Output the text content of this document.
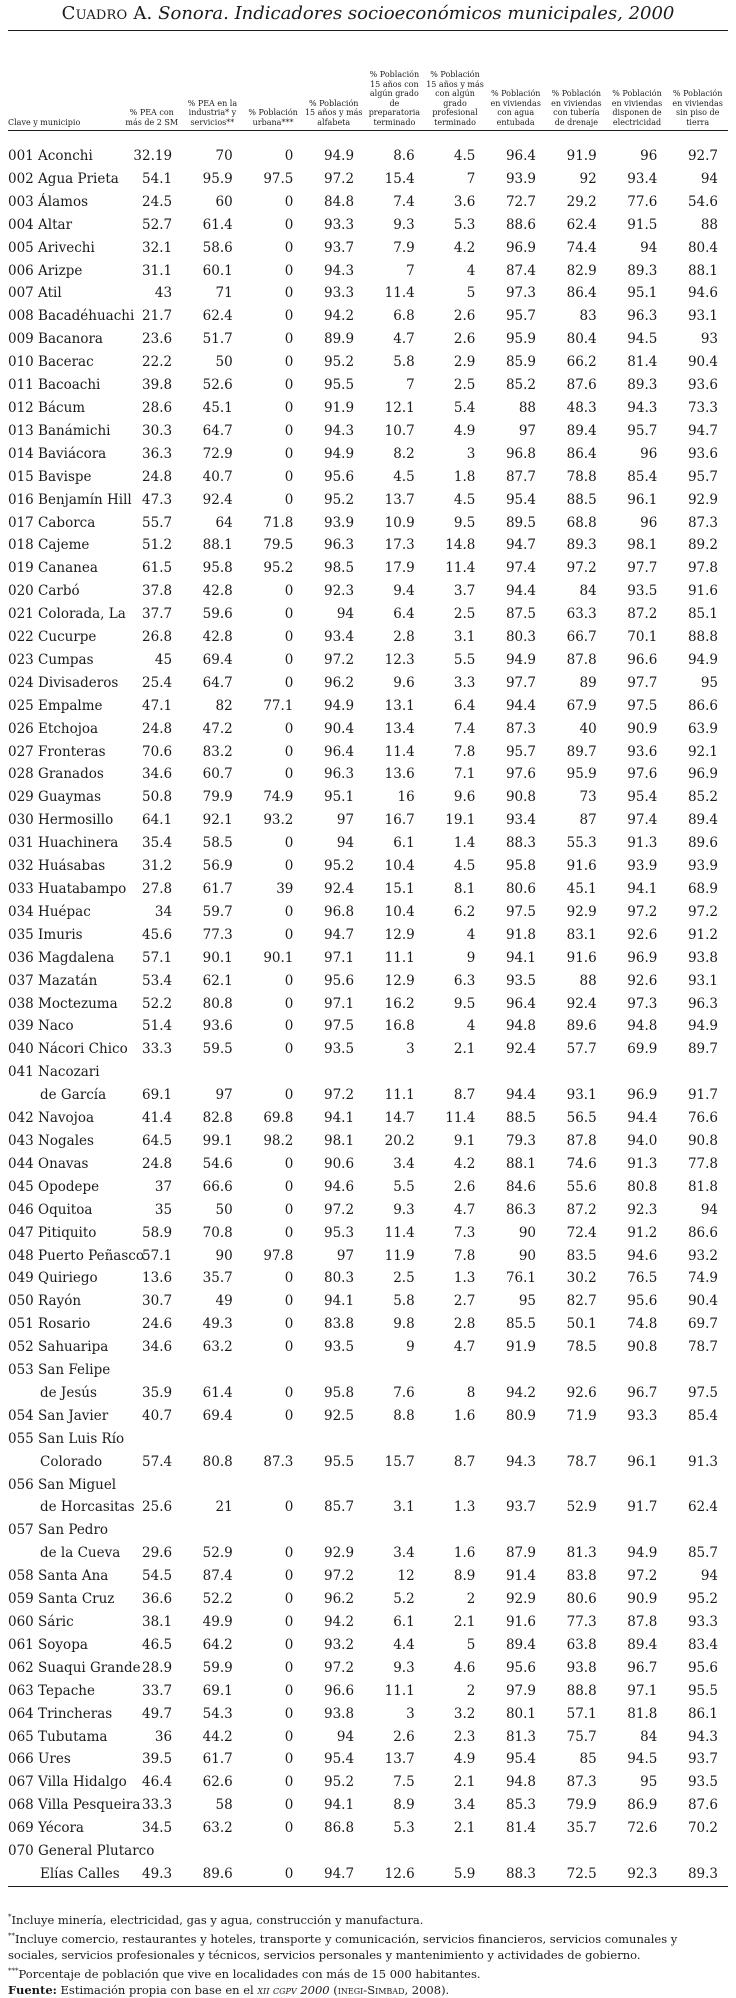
Cuadro A. Sonora. Indicadores socioeconómicos municipales, 2000
Clave y municipio	% PEA con más de 2 SM	% PEA en la industria* y servicios**	% Población urbana***	% Población 15 años y más alfabeta	% Población 15 años con algún grado de preparatoria terminado	% Población 15 años y más con algún grado profesional terminado	% Población en viviendas con agua entubada	% Población en viviendas con tubería de drenaje	% Población en viviendas disponen de electricidad	% Población en viviendas sin piso de tierra
001 Aconchi	32.19	70	0	94.9	8.6	4.5	96.4	91.9	96	92.7
002 Agua Prieta	54.1	95.9	97.5	97.2	15.4	7	93.9	92	93.4	94
003 Álamos	24.5	60	0	84.8	7.4	3.6	72.7	29.2	77.6	54.6
004 Altar	52.7	61.4	0	93.3	9.3	5.3	88.6	62.4	91.5	88
005 Arivechi	32.1	58.6	0	93.7	7.9	4.2	96.9	74.4	94	80.4
006 Arizpe	31.1	60.1	0	94.3	7	4	87.4	82.9	89.3	88.1
007 Atil	43	71	0	93.3	11.4	5	97.3	86.4	95.1	94.6
008 Bacadéhuachi	21.7	62.4	0	94.2	6.8	2.6	95.7	83	96.3	93.1
009 Bacanora	23.6	51.7	0	89.9	4.7	2.6	95.9	80.4	94.5	93
010 Bacerac	22.2	50	0	95.2	5.8	2.9	85.9	66.2	81.4	90.4
011 Bacoachi	39.8	52.6	0	95.5	7	2.5	85.2	87.6	89.3	93.6
012 Bácum	28.6	45.1	0	91.9	12.1	5.4	88	48.3	94.3	73.3
013 Banámichi	30.3	64.7	0	94.3	10.7	4.9	97	89.4	95.7	94.7
014 Baviácora	36.3	72.9	0	94.9	8.2	3	96.8	86.4	96	93.6
015 Bavispe	24.8	40.7	0	95.6	4.5	1.8	87.7	78.8	85.4	95.7
016 Benjamín Hill	47.3	92.4	0	95.2	13.7	4.5	95.4	88.5	96.1	92.9
017 Caborca	55.7	64	71.8	93.9	10.9	9.5	89.5	68.8	96	87.3
018 Cajeme	51.2	88.1	79.5	96.3	17.3	14.8	94.7	89.3	98.1	89.2
019 Cananea	61.5	95.8	95.2	98.5	17.9	11.4	97.4	97.2	97.7	97.8
020 Carbó	37.8	42.8	0	92.3	9.4	3.7	94.4	84	93.5	91.6
021 Colorada, La	37.7	59.6	0	94	6.4	2.5	87.5	63.3	87.2	85.1
022 Cucurpe	26.8	42.8	0	93.4	2.8	3.1	80.3	66.7	70.1	88.8
023 Cumpas	45	69.4	0	97.2	12.3	5.5	94.9	87.8	96.6	94.9
024 Divisaderos	25.4	64.7	0	96.2	9.6	3.3	97.7	89	97.7	95
025 Empalme	47.1	82	77.1	94.9	13.1	6.4	94.4	67.9	97.5	86.6
026 Etchojoa	24.8	47.2	0	90.4	13.4	7.4	87.3	40	90.9	63.9
027 Fronteras	70.6	83.2	0	96.4	11.4	7.8	95.7	89.7	93.6	92.1
028 Granados	34.6	60.7	0	96.3	13.6	7.1	97.6	95.9	97.6	96.9
029 Guaymas	50.8	79.9	74.9	95.1	16	9.6	90.8	73	95.4	85.2
030 Hermosillo	64.1	92.1	93.2	97	16.7	19.1	93.4	87	97.4	89.4
031 Huachinera	35.4	58.5	0	94	6.1	1.4	88.3	55.3	91.3	89.6
032 Huásabas	31.2	56.9	0	95.2	10.4	4.5	95.8	91.6	93.9	93.9
033 Huatabampo	27.8	61.7	39	92.4	15.1	8.1	80.6	45.1	94.1	68.9
034 Huépac	34	59.7	0	96.8	10.4	6.2	97.5	92.9	97.2	97.2
035 Imuris	45.6	77.3	0	94.7	12.9	4	91.8	83.1	92.6	91.2
036 Magdalena	57.1	90.1	90.1	97.1	11.1	9	94.1	91.6	96.9	93.8
037 Mazatán	53.4	62.1	0	95.6	12.9	6.3	93.5	88	92.6	93.1
038 Moctezuma	52.2	80.8	0	97.1	16.2	9.5	96.4	92.4	97.3	96.3
039 Naco	51.4	93.6	0	97.5	16.8	4	94.8	89.6	94.8	94.9
040 Nácori Chico	33.3	59.5	0	93.5	3	2.1	92.4	57.7	69.9	89.7
041 Nacozari										
de García	69.1	97	0	97.2	11.1	8.7	94.4	93.1	96.9	91.7
042 Navojoa	41.4	82.8	69.8	94.1	14.7	11.4	88.5	56.5	94.4	76.6
043 Nogales	64.5	99.1	98.2	98.1	20.2	9.1	79.3	87.8	94.0	90.8
044 Onavas	24.8	54.6	0	90.6	3.4	4.2	88.1	74.6	91.3	77.8
045 Opodepe	37	66.6	0	94.6	5.5	2.6	84.6	55.6	80.8	81.8
046 Oquitoa	35	50	0	97.2	9.3	4.7	86.3	87.2	92.3	94
047 Pitiquito	58.9	70.8	0	95.3	11.4	7.3	90	72.4	91.2	86.6
048 Puerto Peñasco	57.1	90	97.8	97	11.9	7.8	90	83.5	94.6	93.2
049 Quiriego	13.6	35.7	0	80.3	2.5	1.3	76.1	30.2	76.5	74.9
050 Rayón	30.7	49	0	94.1	5.8	2.7	95	82.7	95.6	90.4
051 Rosario	24.6	49.3	0	83.8	9.8	2.8	85.5	50.1	74.8	69.7
052 Sahuaripa	34.6	63.2	0	93.5	9	4.7	91.9	78.5	90.8	78.7
053 San Felipe										
de Jesús	35.9	61.4	0	95.8	7.6	8	94.2	92.6	96.7	97.5
054 San Javier	40.7	69.4	0	92.5	8.8	1.6	80.9	71.9	93.3	85.4
055 San Luis Río										
Colorado	57.4	80.8	87.3	95.5	15.7	8.7	94.3	78.7	96.1	91.3
056 San Miguel										
de Horcasitas	25.6	21	0	85.7	3.1	1.3	93.7	52.9	91.7	62.4
057 San Pedro										
de la Cueva	29.6	52.9	0	92.9	3.4	1.6	87.9	81.3	94.9	85.7
058 Santa Ana	54.5	87.4	0	97.2	12	8.9	91.4	83.8	97.2	94
059 Santa Cruz	36.6	52.2	0	96.2	5.2	2	92.9	80.6	90.9	95.2
060 Sáric	38.1	49.9	0	94.2	6.1	2.1	91.6	77.3	87.8	93.3
061 Soyopa	46.5	64.2	0	93.2	4.4	5	89.4	63.8	89.4	83.4
062 Suaqui Grande	28.9	59.9	0	97.2	9.3	4.6	95.6	93.8	96.7	95.6
063 Tepache	33.7	69.1	0	96.6	11.1	2	97.9	88.8	97.1	95.5
064 Trincheras	49.7	54.3	0	93.8	3	3.2	80.1	57.1	81.8	86.1
065 Tubutama	36	44.2	0	94	2.6	2.3	81.3	75.7	84	94.3
066 Ures	39.5	61.7	0	95.4	13.7	4.9	95.4	85	94.5	93.7
067 Villa Hidalgo	46.4	62.6	0	95.2	7.5	2.1	94.8	87.3	95	93.5
068 Villa Pesqueira	33.3	58	0	94.1	8.9	3.4	85.3	79.9	86.9	87.6
069 Yécora	34.5	63.2	0	86.8	5.3	2.1	81.4	35.7	72.6	70.2
070 General Plutarco										
Elías Calles	49.3	89.6	0	94.7	12.6	5.9	88.3	72.5	92.3	89.3

*Incluye minería, electricidad, gas y agua, construcción y manufactura.

**Incluye comercio, restaurantes y hoteles, transporte y comunicación, servicios financieros, servicios comunales y sociales, servicios profesionales y técnicos, servicios personales y mantenimiento y actividades de gobierno.

***Porcentaje de población que vive en localidades con más de 15 000 habitantes.

Fuente: Estimación propia con base en el xii cgpv 2000 (inegi-Simbad, 2008).
